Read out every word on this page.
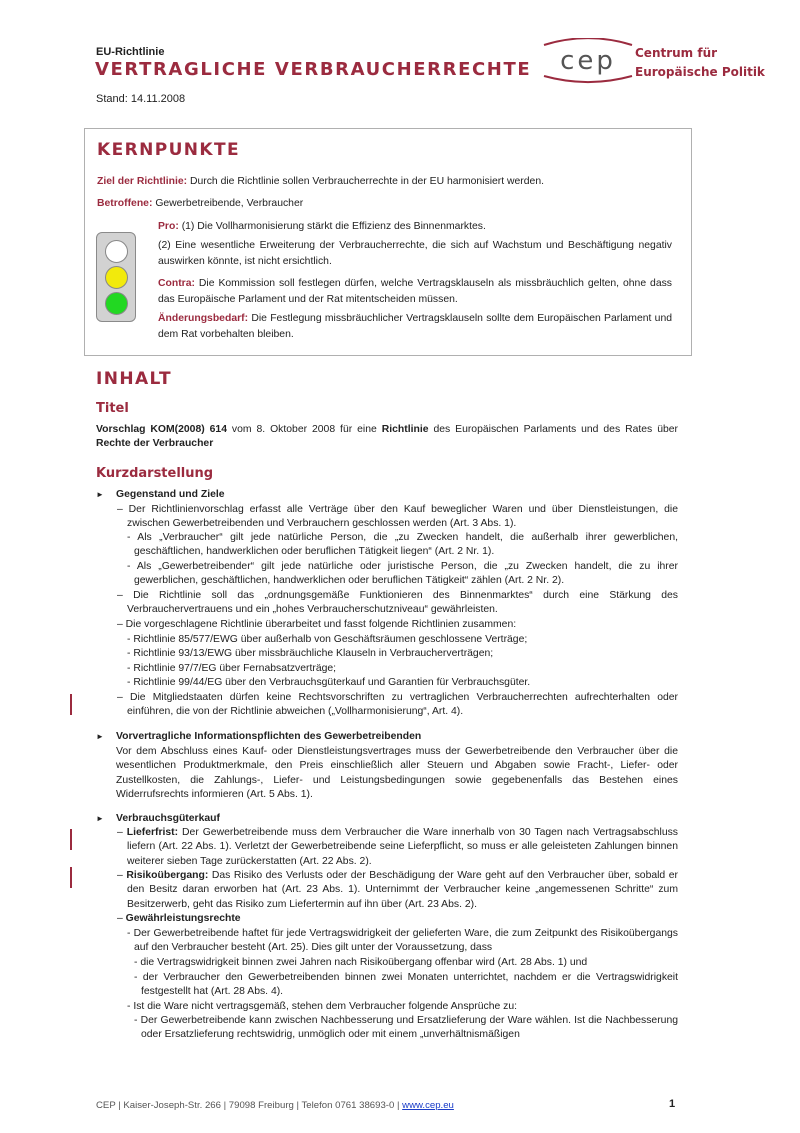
EU-Richtlinie
VERTRAGLICHE VERBRAUCHERRECHTE
Stand: 14.11.2008
cep Centrum für
Europäische Politik
KERNPUNKTE
Ziel der Richtlinie: Durch die Richtlinie sollen Verbraucherrechte in der EU harmonisiert werden.
Betroffene: Gewerbetreibende, Verbraucher
Pro: (1) Die Vollharmonisierung stärkt die Effizienz des Binnenmarktes.
(2) Eine wesentliche Erweiterung der Verbraucherrechte, die sich auf Wachstum und Beschäftigung negativ auswirken könnte, ist nicht ersichtlich.
Contra: Die Kommission soll festlegen dürfen, welche Vertragsklauseln als missbräuchlich gelten, ohne dass das Europäische Parlament und der Rat mitentscheiden müssen.
Änderungsbedarf: Die Festlegung missbräuchlicher Vertragsklauseln sollte dem Europäischen Parlament und dem Rat vorbehalten bleiben.
INHALT
Titel
Vorschlag KOM(2008) 614 vom 8. Oktober 2008 für eine Richtlinie des Europäischen Parlaments und des Rates über Rechte der Verbraucher
Kurzdarstellung
► Gegenstand und Ziele
– Der Richtlinienvorschlag erfasst alle Verträge über den Kauf beweglicher Waren und über Dienstleistungen, die zwischen Gewerbetreibenden und Verbrauchern geschlossen werden (Art. 3 Abs. 1).
- Als „Verbraucher“ gilt jede natürliche Person, die „zu Zwecken handelt, die außerhalb ihrer gewerblichen, geschäftlichen, handwerklichen oder beruflichen Tätigkeit liegen“ (Art. 2 Nr. 1).
- Als „Gewerbetreibender“ gilt jede natürliche oder juristische Person, die „zu Zwecken handelt, die zu ihrer gewerblichen, geschäftlichen, handwerklichen oder beruflichen Tätigkeit“ zählen (Art. 2 Nr. 2).
– Die Richtlinie soll das „ordnungsgemäße Funktionieren des Binnenmarktes“ durch eine Stärkung des Verbrauchervertrauens und ein „hohes Verbraucherschutzniveau“ gewährleisten.
– Die vorgeschlagene Richtlinie überarbeitet und fasst folgende Richtlinien zusammen:
- Richtlinie 85/577/EWG über außerhalb von Geschäftsräumen geschlossene Verträge;
- Richtlinie 93/13/EWG über missbräuchliche Klauseln in Verbraucherverträgen;
- Richtlinie 97/7/EG über Fernabsatzverträge;
- Richtlinie 99/44/EG über den Verbrauchsgüterkauf und Garantien für Verbrauchsgüter.
– Die Mitgliedstaaten dürfen keine Rechtsvorschriften zu vertraglichen Verbraucherrechten aufrechterhalten oder einführen, die von der Richtlinie abweichen („Vollharmonisierung“, Art. 4).
► Vorvertragliche Informationspflichten des Gewerbetreibenden
Vor dem Abschluss eines Kauf- oder Dienstleistungsvertrages muss der Gewerbetreibende den Verbraucher über die wesentlichen Produktmerkmale, den Preis einschließlich aller Steuern und Abgaben sowie Fracht-, Liefer- oder Zustellkosten, die Zahlungs-, Liefer- und Leistungsbedingungen sowie gegebenenfalls das Bestehen eines Widerrufsrechts informieren (Art. 5 Abs. 1).
► Verbrauchsgüterkauf
– Lieferfrist: Der Gewerbetreibende muss dem Verbraucher die Ware innerhalb von 30 Tagen nach Vertragsabschluss liefern (Art. 22 Abs. 1). Verletzt der Gewerbetreibende seine Lieferpflicht, so muss er alle geleisteten Zahlungen binnen weiterer sieben Tage zurückerstatten (Art. 22 Abs. 2).
– Risikoübergang: Das Risiko des Verlusts oder der Beschädigung der Ware geht auf den Verbraucher über, sobald er den Besitz daran erworben hat (Art. 23 Abs. 1). Unternimmt der Verbraucher keine „angemessenen Schritte“ zum Besitzerwerb, geht das Risiko zum Liefertermin auf ihn über (Art. 23 Abs. 2).
– Gewährleistungsrechte
- Der Gewerbetreibende haftet für jede Vertragswidrigkeit der gelieferten Ware, die zum Zeitpunkt des Risikoübergangs auf den Verbraucher besteht (Art. 25). Dies gilt unter der Voraussetzung, dass
- die Vertragswidrigkeit binnen zwei Jahren nach Risikoübergang offenbar wird (Art. 28 Abs. 1) und
- der Verbraucher den Gewerbetreibenden binnen zwei Monaten unterrichtet, nachdem er die Vertragswidrigkeit festgestellt hat (Art. 28 Abs. 4).
- Ist die Ware nicht vertragsgemäß, stehen dem Verbraucher folgende Ansprüche zu:
- Der Gewerbetreibende kann zwischen Nachbesserung und Ersatzlieferung der Ware wählen. Ist die Nachbesserung oder Ersatzlieferung rechtswidrig, unmöglich oder mit einem „unverhältnismäßigen
CEP | Kaiser-Joseph-Str. 266 | 79098 Freiburg | Telefon 0761 38693-0 | www.cep.eu	1
